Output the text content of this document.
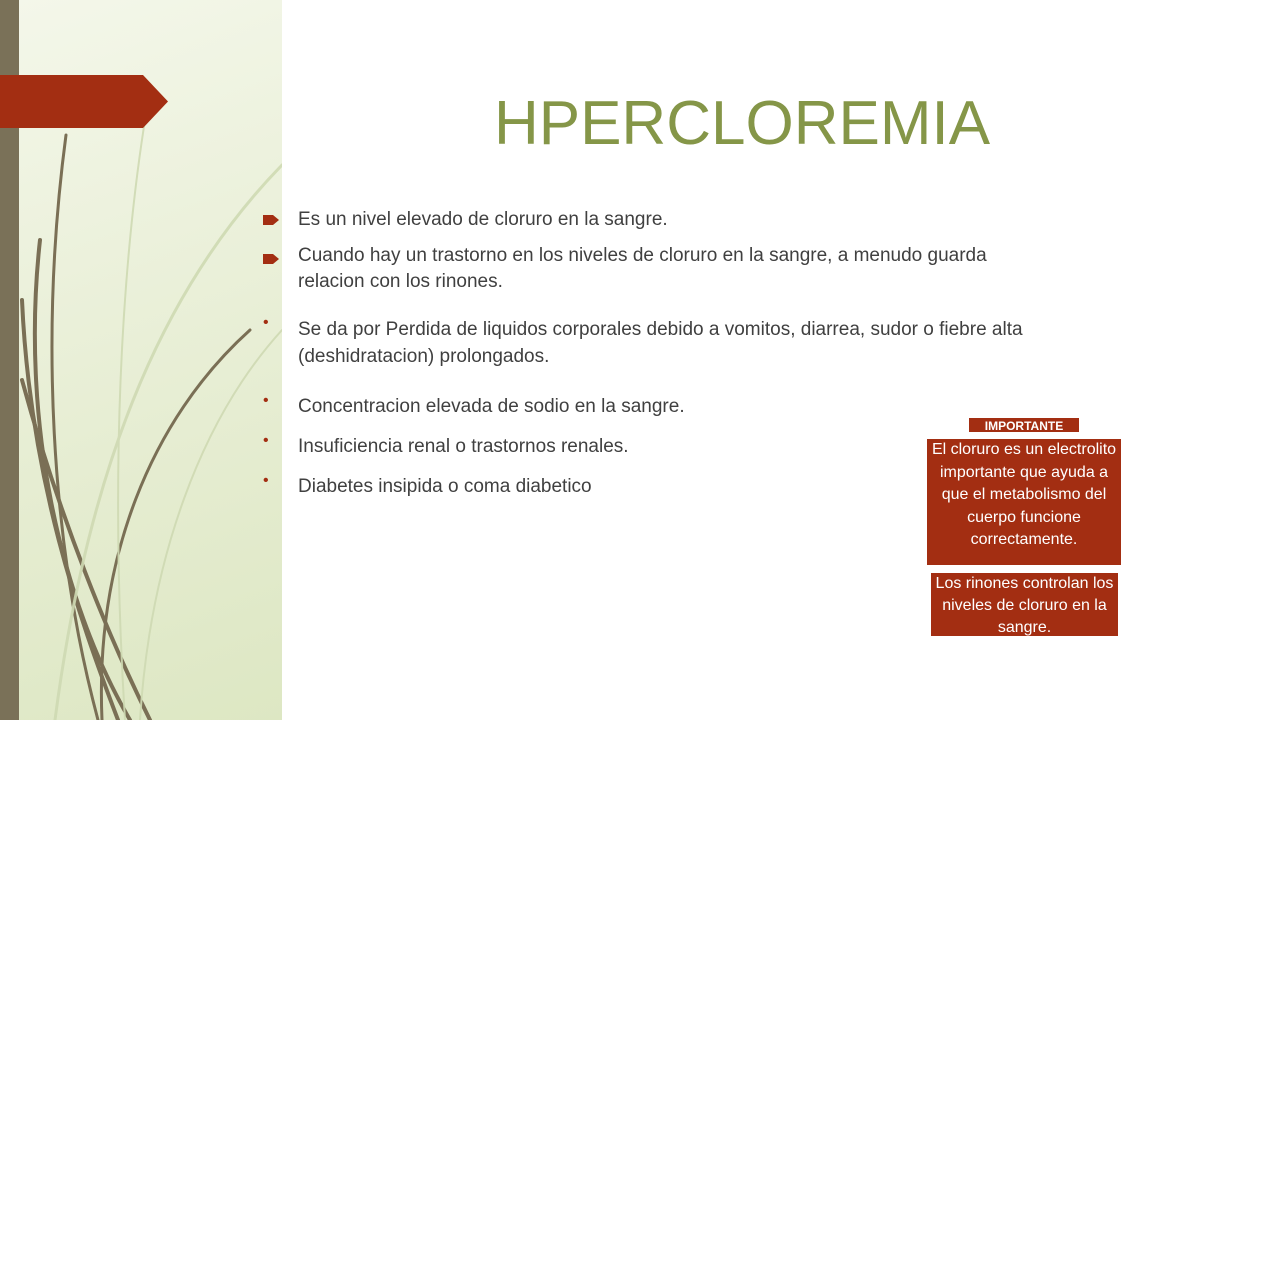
HPERCLOREMIA
Es un nivel elevado de cloruro en la sangre.
Cuando hay un trastorno en los niveles de cloruro en la sangre, a menudo guarda relacion con los rinones.
•	Se da por Perdida de liquidos corporales debido a vomitos, diarrea, sudor o fiebre alta (deshidratacion) prolongados.
•	Concentracion elevada de sodio en la sangre.
•	Insuficiencia renal o trastornos renales.
•	Diabetes insipida o coma diabetico
IMPORTANTE
El cloruro es un electrolito importante que ayuda a que el metabolismo del cuerpo funcione correctamente.
Los rinones controlan los niveles de cloruro en la sangre.
